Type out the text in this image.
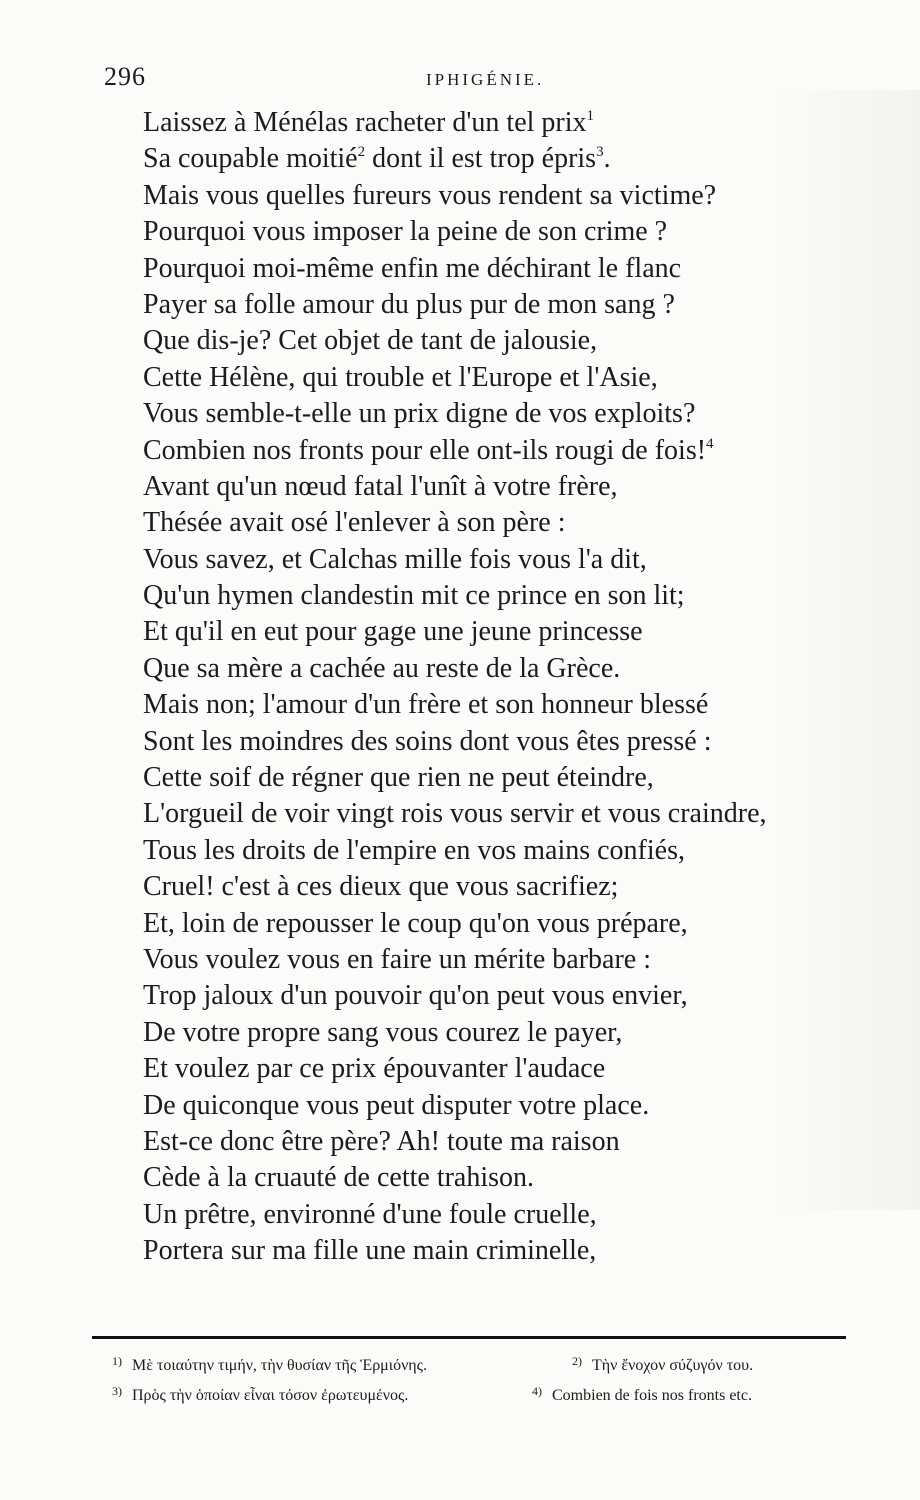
296	IPHIGÉNIE.
Laissez à Ménélas racheter d'un tel prix$^1$
Sa coupable moitié$^2$ dont il est trop épris$^3$.
Mais vous quelles fureurs vous rendent sa victime?
Pourquoi vous imposer la peine de son crime ?
Pourquoi moi-même enfin me déchirant le flanc
Payer sa folle amour du plus pur de mon sang ?
Que dis-je? Cet objet de tant de jalousie,
Cette Hélène, qui trouble et l'Europe et l'Asie,
Vous semble-t-elle un prix digne de vos exploits?
Combien nos fronts pour elle ont-ils rougi de fois!$^4$
Avant qu'un nœud fatal l'unît à votre frère,
Thésée avait osé l'enlever à son père :
Vous savez, et Calchas mille fois vous l'a dit,
Qu'un hymen clandestin mit ce prince en son lit;
Et qu'il en eut pour gage une jeune princesse
Que sa mère a cachée au reste de la Grèce.
Mais non; l'amour d'un frère et son honneur blessé
Sont les moindres des soins dont vous êtes pressé :
Cette soif de régner que rien ne peut éteindre,
L'orgueil de voir vingt rois vous servir et vous craindre,
Tous les droits de l'empire en vos mains confiés,
Cruel! c'est à ces dieux que vous sacrifiez;
Et, loin de repousser le coup qu'on vous prépare,
Vous voulez vous en faire un mérite barbare :
Trop jaloux d'un pouvoir qu'on peut vous envier,
De votre propre sang vous courez le payer,
Et voulez par ce prix épouvanter l'audace
De quiconque vous peut disputer votre place.
Est-ce donc être père? Ah! toute ma raison
Cède à la cruauté de cette trahison.
Un prêtre, environné d'une foule cruelle,
Portera sur ma fille une main criminelle,
$^{1)}$ Μὲ τοιαύτην τιμήν, τὴν θυσίαν τῆς Ἑρμιόνης.	$^{2)}$ Τὴν ἔνοχον σύζυγόν του.
$^{3)}$ Πρὸς τὴν ὁποίαν εἶναι τόσον ἐρωτευμένος.	$^{4)}$ Combien de fois nos fronts etc.
